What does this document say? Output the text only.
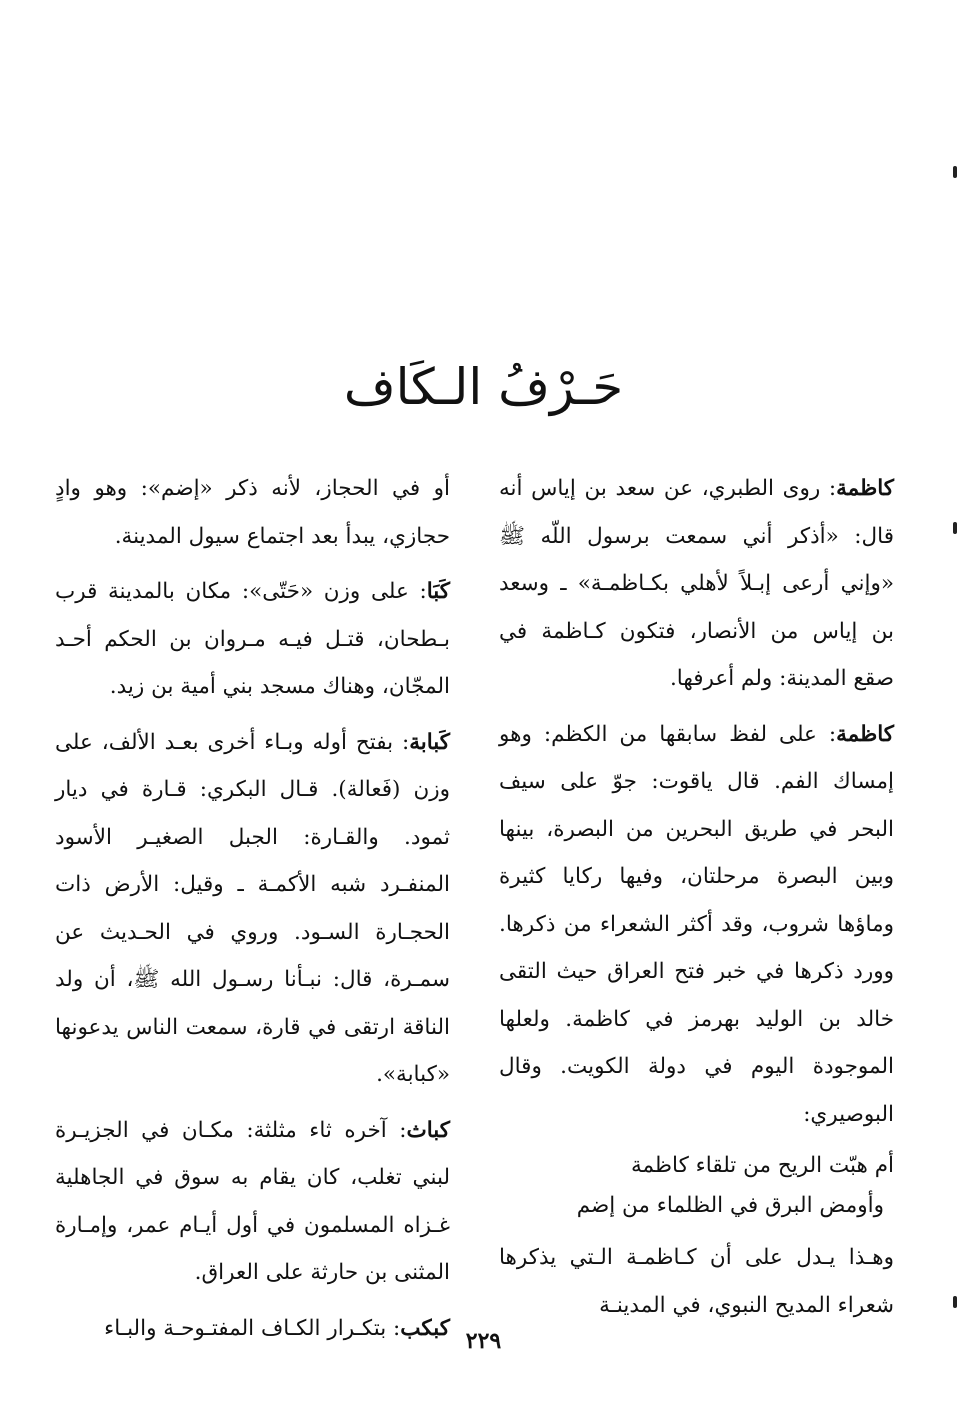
حَـرْفُ الـكَاف

كاظمة: روى الطبري، عن سعد بن إياس أنه قال: «أذكر أني سمعت برسول اللّه ﷺ «وإني أرعى إبـلاً لأهلي بكـاظمـة» ـ وسعد بن إياس من الأنصار، فتكون كـاظمة في صقع المدينة: ولم أعرفها.

كاظمة: على لفظ سابقها من الكظم: وهو إمساك الفم. قال ياقوت: جوّ على سيف البحر في طريق البحرين من البصرة، بينها وبين البصرة مرحلتان، وفيها ركايا كثيرة وماؤها شروب، وقد أكثر الشعراء من ذكرها. وورد ذكرها في خبر فتح العراق حيث التقى خالد بن الوليد بهرمز في كاظمة. ولعلها الموجودة اليوم في دولة الكويت. وقال البوصيري:

أم هبّت الريح من تلقاء كاظمة
وأومض البرق في الظلماء من إضم

وهـذا يـدل على أن كـاظمـة الـتي يذكرها شعراء المديح النبوي، في المدينـة

أو في الحجاز، لأنه ذكر «إضم»: وهو وادٍ حجازي، يبدأ بعد اجتماع سيول المدينة.

كَبَا: على وزن «حَتّى»: مكان بالمدينة قرب بـطحان، قتـل فيـه مـروان بن الحكم أحـد المجّان، وهناك مسجد بني أمية بن زيد.

كَبابة: بفتح أوله وبـاء أخرى بعـد الألف، على وزن (فَعالة). قـال البكري: قـارة في ديار ثمود. والقـارة: الجبل الصغيـر الأسود المنفـرد شبه الأكمـة ـ وقيل: الأرض ذات الحجـارة السـود. وروي في الحـديث عن سمـرة، قال: نبـأنا رسـول الله ﷺ، أن ولد الناقة ارتقى في قارة، سمعت الناس يدعونها «كبابة».

كباث: آخره ثاء مثلثة: مكـان في الجزيـرة لبني تغلب، كان يقام به سوق في الجاهلية غـزاه المسلمون في أول أيـام عمر، وإمـارة المثنى بن حارثة على العراق.

كبكب: بتكـرار الكـاف المفتـوحـة والبـاء	٢٢٩
